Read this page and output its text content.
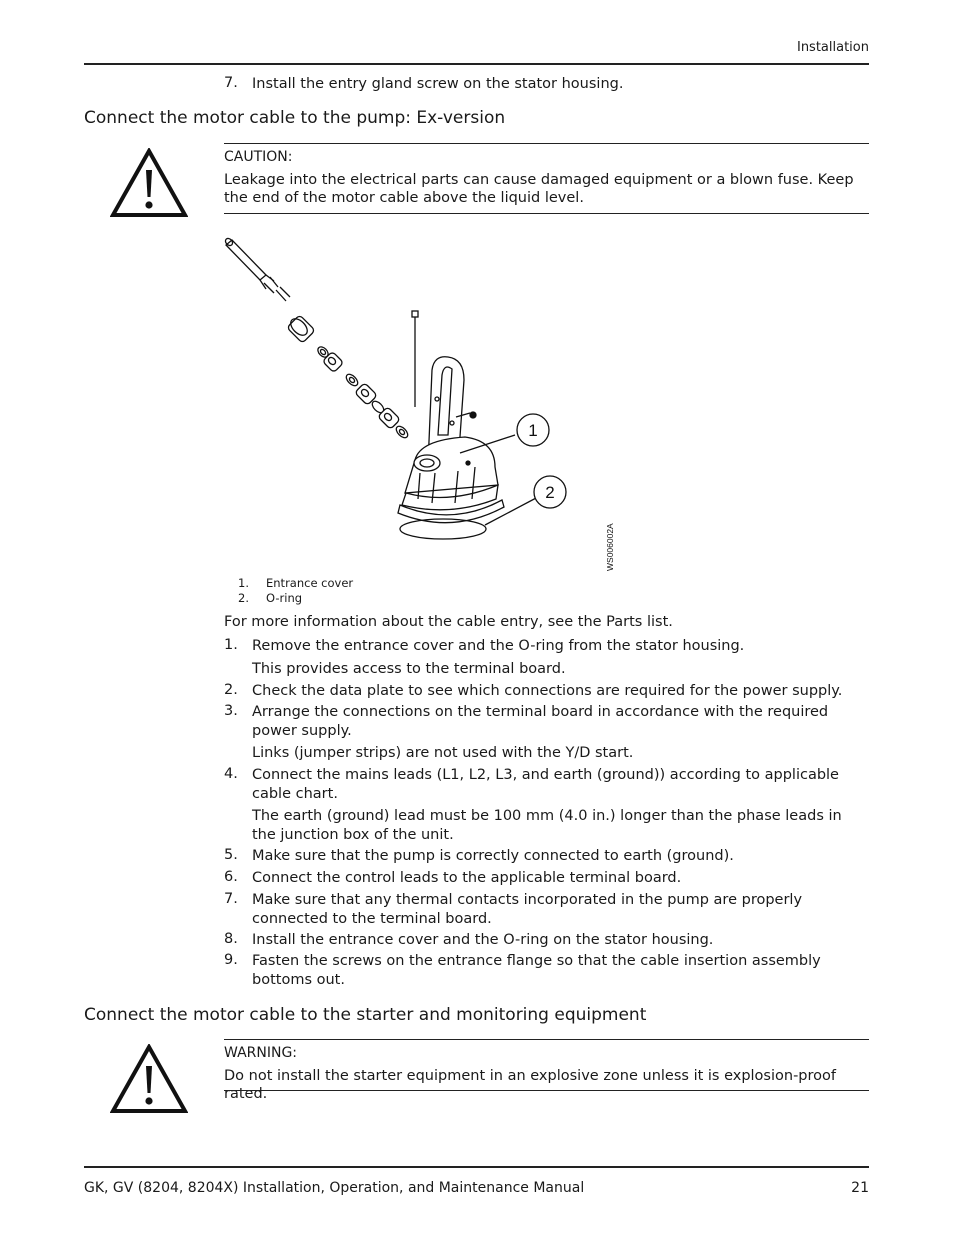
Installation
7. Install the entry gland screw on the stator housing.
Connect the motor cable to the pump: Ex-version
CAUTION:
Leakage into the electrical parts can cause damaged equipment or a blown fuse. Keep the end of the motor cable above the liquid level.
1
2
WS006002A
1. Entrance cover
2. O-ring
For more information about the cable entry, see the Parts list.
1. Remove the entrance cover and the O-ring from the stator housing.
This provides access to the terminal board.
2. Check the data plate to see which connections are required for the power supply.
3. Arrange the connections on the terminal board in accordance with the required power supply.
Links (jumper strips) are not used with the Y/D start.
4. Connect the mains leads (L1, L2, L3, and earth (ground)) according to applicable cable chart.
The earth (ground) lead must be 100 mm (4.0 in.) longer than the phase leads in the junction box of the unit.
5. Make sure that the pump is correctly connected to earth (ground).
6. Connect the control leads to the applicable terminal board.
7. Make sure that any thermal contacts incorporated in the pump are properly connected to the terminal board.
8. Install the entrance cover and the O-ring on the stator housing.
9. Fasten the screws on the entrance flange so that the cable insertion assembly bottoms out.
Connect the motor cable to the starter and monitoring equipment
WARNING:
Do not install the starter equipment in an explosive zone unless it is explosion-proof rated.
GK, GV (8204, 8204X) Installation, Operation, and Maintenance Manual	21
